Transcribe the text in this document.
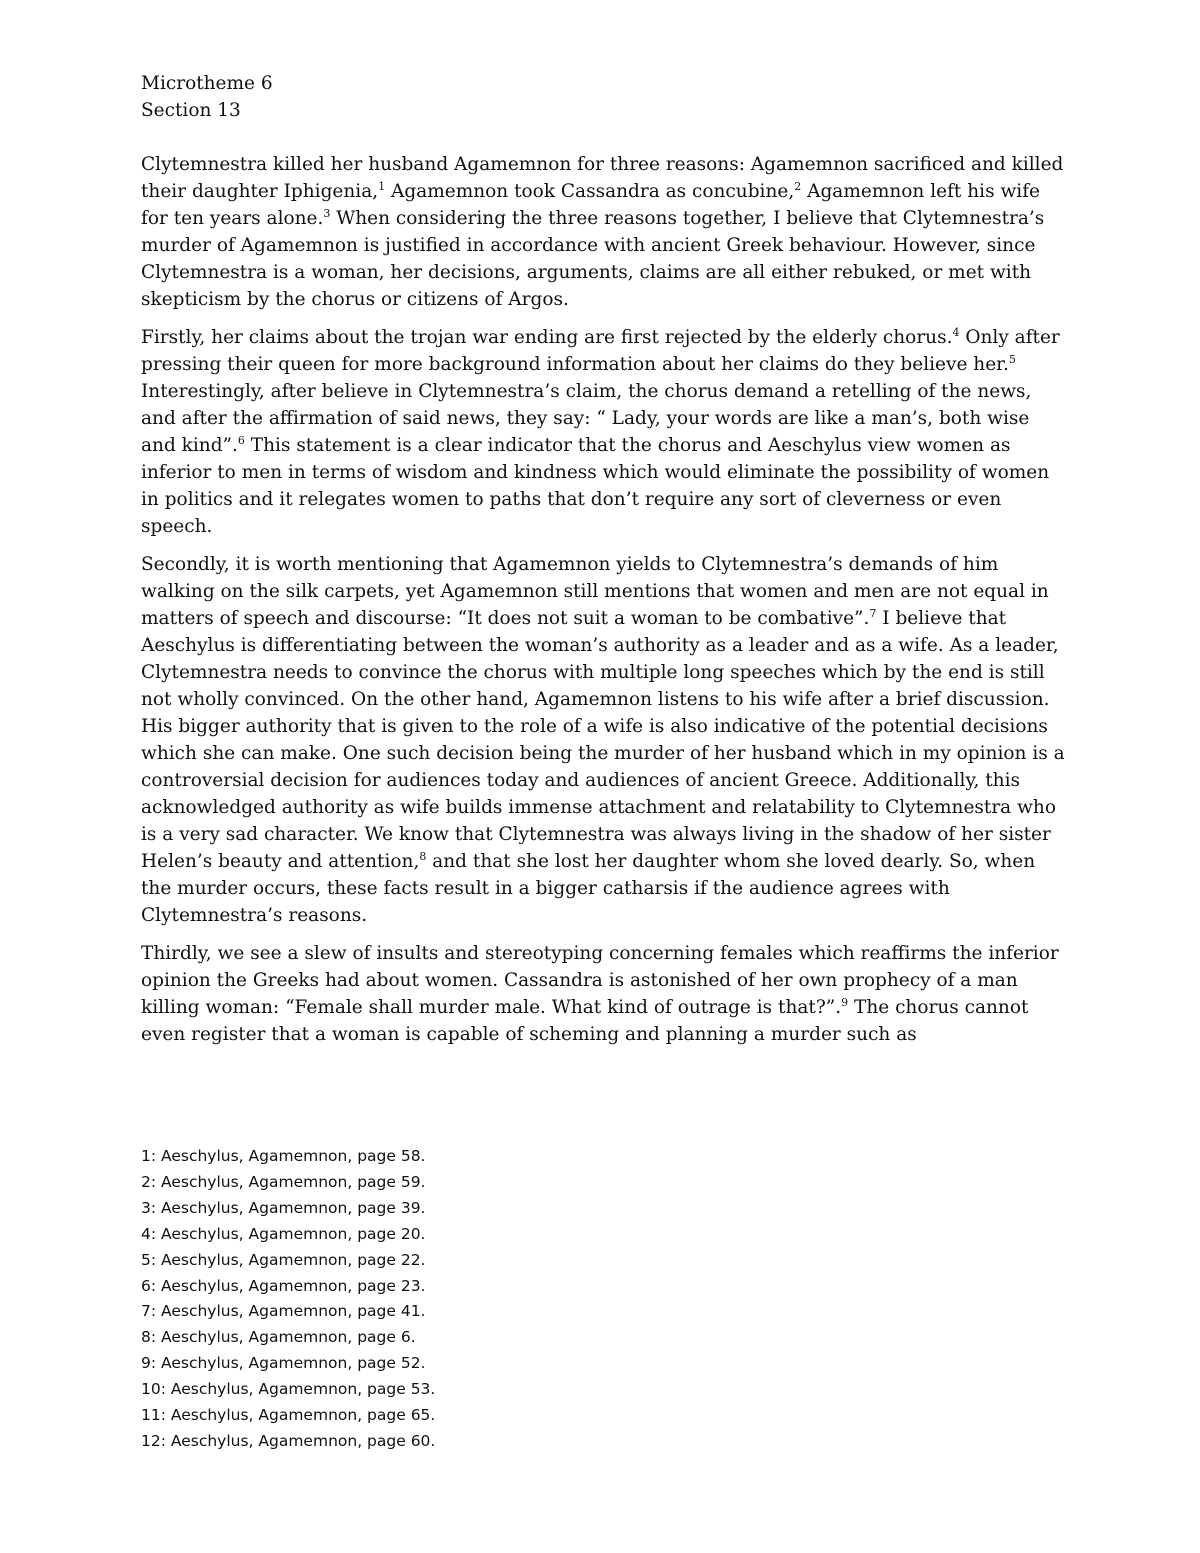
Microtheme 6
Section 13

Clytemnestra killed her husband Agamemnon for three reasons: Agamemnon sacrificed and killed their daughter Iphigenia,$^1$ Agamemnon took Cassandra as concubine,$^2$ Agamemnon left his wife for ten years alone.$^3$ When considering the three reasons together, I believe that Clytemnestra’s murder of Agamemnon is justified in accordance with ancient Greek behaviour. However, since Clytemnestra is a woman, her decisions, arguments, claims are all either rebuked, or met with skepticism by the chorus or citizens of Argos.

Firstly, her claims about the trojan war ending are first rejected by the elderly chorus.$^4$ Only after pressing their queen for more background information about her claims do they believe her.$^5$ Interestingly, after believe in Clytemnestra’s claim, the chorus demand a retelling of the news, and after the affirmation of said news, they say: “ Lady, your words are like a man’s, both wise and kind”.$^6$ This statement is a clear indicator that the chorus and Aeschylus view women as inferior to men in terms of wisdom and kindness which would eliminate the possibility of women in politics and it relegates women to paths that don’t require any sort of cleverness or even speech.

Secondly, it is worth mentioning that Agamemnon yields to Clytemnestra’s demands of him walking on the silk carpets, yet Agamemnon still mentions that women and men are not equal in matters of speech and discourse: “It does not suit a woman to be combative”.$^7$ I believe that Aeschylus is differentiating between the woman’s authority as a leader and as a wife. As a leader, Clytemnestra needs to convince the chorus with multiple long speeches which by the end is still not wholly convinced. On the other hand, Agamemnon listens to his wife after a brief discussion. His bigger authority that is given to the role of a wife is also indicative of the potential decisions which she can make. One such decision being the murder of her husband which in my opinion is a controversial decision for audiences today and audiences of ancient Greece. Additionally, this acknowledged authority as wife builds immense attachment and relatability to Clytemnestra who is a very sad character. We know that Clytemnestra was always living in the shadow of her sister Helen’s beauty and attention,$^8$ and that she lost her daughter whom she loved dearly. So, when the murder occurs, these facts result in a bigger catharsis if the audience agrees with Clytemnestra’s reasons.

Thirdly, we see a slew of insults and stereotyping concerning females which reaffirms the inferior opinion the Greeks had about women. Cassandra is astonished of her own prophecy of a man killing woman: “Female shall murder male. What kind of outrage is that?”.$^9$ The chorus cannot even register that a woman is capable of scheming and planning a murder such as

1: Aeschylus, Agamemnon, page 58.
2: Aeschylus, Agamemnon, page 59.
3: Aeschylus, Agamemnon, page 39.
4: Aeschylus, Agamemnon, page 20.
5: Aeschylus, Agamemnon, page 22.
6: Aeschylus, Agamemnon, page 23.
7: Aeschylus, Agamemnon, page 41.
8: Aeschylus, Agamemnon, page 6.
9: Aeschylus, Agamemnon, page 52.
10: Aeschylus, Agamemnon, page 53.
11: Aeschylus, Agamemnon, page 65.
12: Aeschylus, Agamemnon, page 60.
